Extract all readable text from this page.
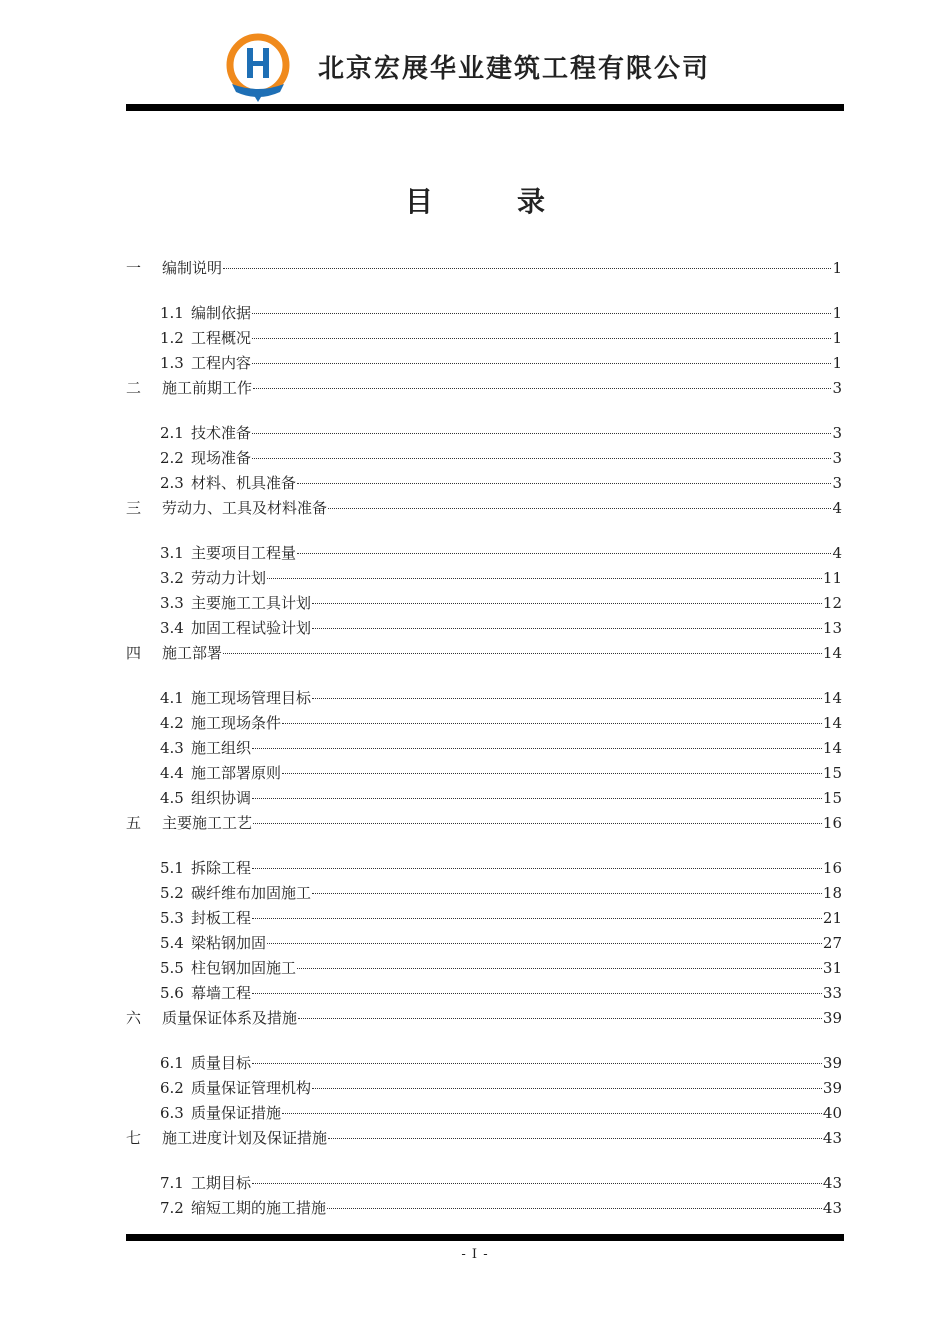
北京宏展华业建筑工程有限公司
目　录
一	编制说明	1
1.1 编制依据	1
1.2 工程概况	1
1.3 工程内容	1
二	施工前期工作	3
2.1 技术准备	3
2.2 现场准备	3
2.3 材料、机具准备	3
三	劳动力、工具及材料准备	4
3.1 主要项目工程量	4
3.2 劳动力计划	11
3.3 主要施工工具计划	12
3.4 加固工程试验计划	13
四	施工部署	14
4.1 施工现场管理目标	14
4.2 施工现场条件	14
4.3 施工组织	14
4.4 施工部署原则	15
4.5 组织协调	15
五	主要施工工艺	16
5.1 拆除工程	16
5.2 碳纤维布加固施工	18
5.3 封板工程	21
5.4 梁粘钢加固	27
5.5 柱包钢加固施工	31
5.6 幕墙工程	33
六	质量保证体系及措施	39
6.1 质量目标	39
6.2 质量保证管理机构	39
6.3 质量保证措施	40
七	施工进度计划及保证措施	43
7.1 工期目标	43
7.2 缩短工期的施工措施	43
- I -
